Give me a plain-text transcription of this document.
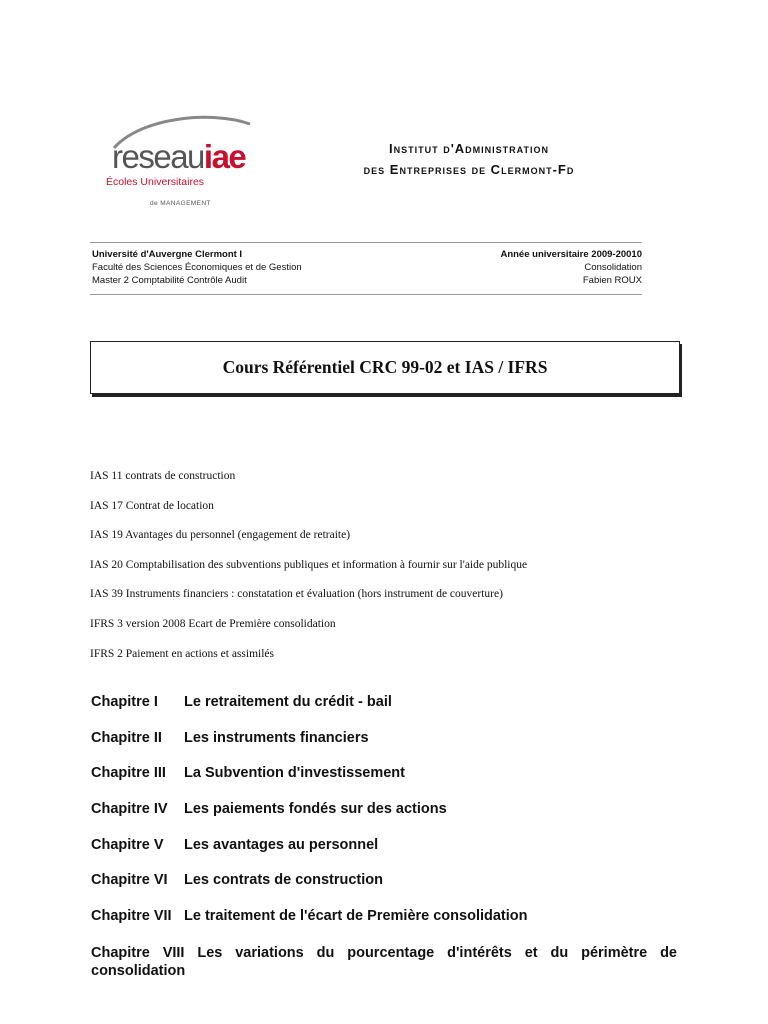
reseauiae
Écoles Universitaires
de MANAGEMENT
Institut d'Administration
des Entreprises de Clermont-Fd
Université d'Auvergne Clermont I
Faculté des Sciences Économiques et de Gestion
Master 2 Comptabilité Contrôle Audit
Année universitaire 2009-20010
Consolidation
Fabien ROUX
Cours Référentiel CRC 99-02 et IAS / IFRS
IAS 11 contrats de construction
IAS 17 Contrat de location
IAS 19 Avantages du personnel (engagement de retraite)
IAS 20 Comptabilisation des subventions publiques et information à fournir sur l'aide publique
IAS 39 Instruments financiers : constatation et évaluation (hors instrument de couverture)
IFRS 3 version 2008 Ecart de Première consolidation
IFRS 2 Paiement en actions et assimilés
Chapitre I	Le retraitement du crédit - bail
Chapitre II	Les instruments financiers
Chapitre III	La Subvention d'investissement
Chapitre IV	Les paiements fondés sur des actions
Chapitre V	Les avantages au personnel
Chapitre VI	Les contrats de construction
Chapitre VII Le traitement de l'écart de Première consolidation
Chapitre VIII Les variations du pourcentage d'intérêts et du périmètre de consolidation
